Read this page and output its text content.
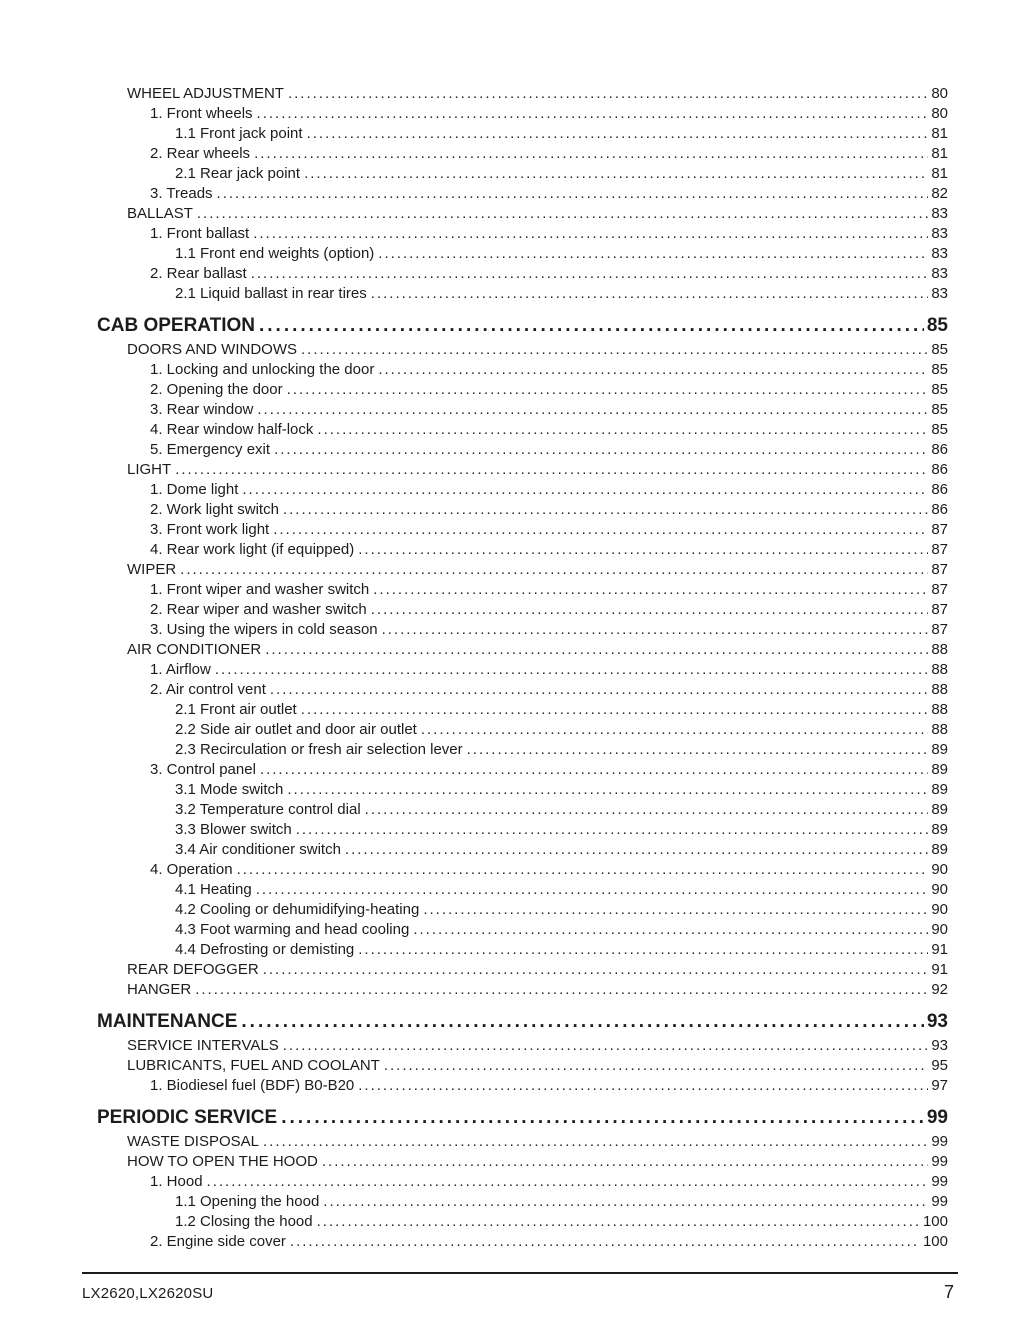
WHEEL ADJUSTMENT .....	80
1. Front wheels .....	80
1.1 Front jack point .....	81
2. Rear wheels .....	81
2.1 Rear jack point .....	81
3. Treads .....	82
BALLAST .....	83
1. Front ballast .....	83
1.1 Front end weights (option) .....	83
2. Rear ballast .....	83
2.1 Liquid ballast in rear tires .....	83
CAB OPERATION .....	85
DOORS AND WINDOWS .....	85
1. Locking and unlocking the door .....	85
2. Opening the door .....	85
3. Rear window .....	85
4. Rear window half-lock .....	85
5. Emergency exit .....	86
LIGHT .....	86
1. Dome light .....	86
2. Work light switch .....	86
3. Front work light .....	87
4. Rear work light (if equipped) .....	87
WIPER .....	87
1. Front wiper and washer switch .....	87
2. Rear wiper and washer switch .....	87
3. Using the wipers in cold season .....	87
AIR CONDITIONER .....	88
1. Airflow .....	88
2. Air control vent .....	88
2.1 Front air outlet .....	88
2.2 Side air outlet and door air outlet .....	88
2.3 Recirculation or fresh air selection lever .....	89
3. Control panel .....	89
3.1 Mode switch .....	89
3.2 Temperature control dial .....	89
3.3 Blower switch .....	89
3.4 Air conditioner switch .....	89
4. Operation .....	90
4.1 Heating .....	90
4.2 Cooling or dehumidifying-heating .....	90
4.3 Foot warming and head cooling .....	90
4.4 Defrosting or demisting .....	91
REAR DEFOGGER .....	91
HANGER .....	92
MAINTENANCE .....	93
SERVICE INTERVALS .....	93
LUBRICANTS, FUEL AND COOLANT .....	95
1. Biodiesel fuel (BDF) B0-B20 .....	97
PERIODIC SERVICE .....	99
WASTE DISPOSAL .....	99
HOW TO OPEN THE HOOD .....	99
1. Hood .....	99
1.1 Opening the hood .....	99
1.2 Closing the hood .....	100
2. Engine side cover .....	100
LX2620,LX2620SU	7
